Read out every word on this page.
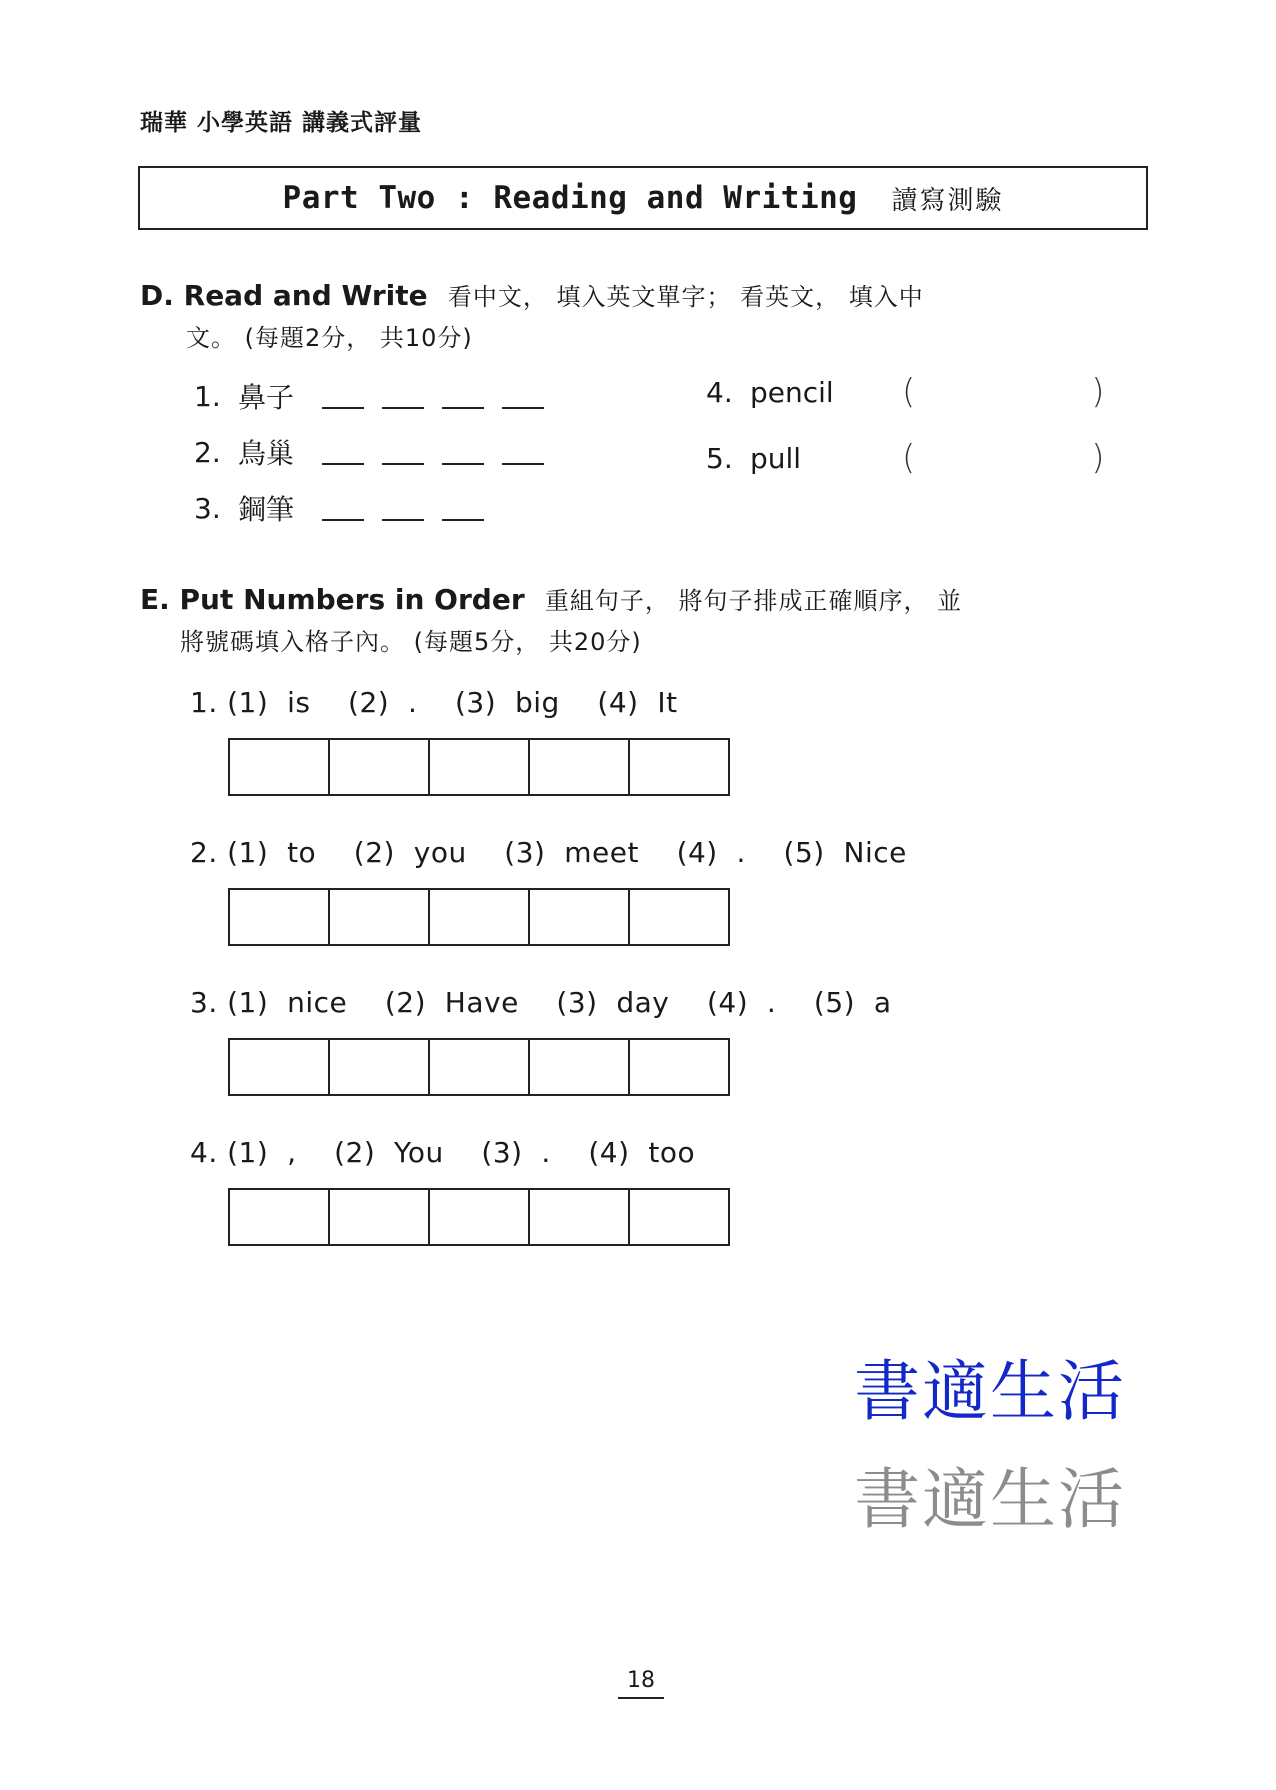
瑞華 小學英語 講義式評量
Part Two : Reading and Writing 讀寫測驗
D. Read and Write 看中文， 填入英文單字； 看英文， 填入中
文。 (每題2分， 共10分)
1. 鼻子
2. 鳥巢
3. 鋼筆
4. pencil	(	)
5. pull	(	)
E. Put Numbers in Order 重組句子， 將句子排成正確順序， 並
將號碼填入格子內。 (每題5分， 共20分)
1. (1)  is    (2)  .    (3)  big    (4)  It
2. (1)  to    (2)  you    (3)  meet    (4)  .    (5)  Nice
3. (1)  nice    (2)  Have    (3)  day    (4)  .    (5)  a
4. (1)  ,    (2)  You    (3)  .    (4)  too
書適生活
書適生活
18
